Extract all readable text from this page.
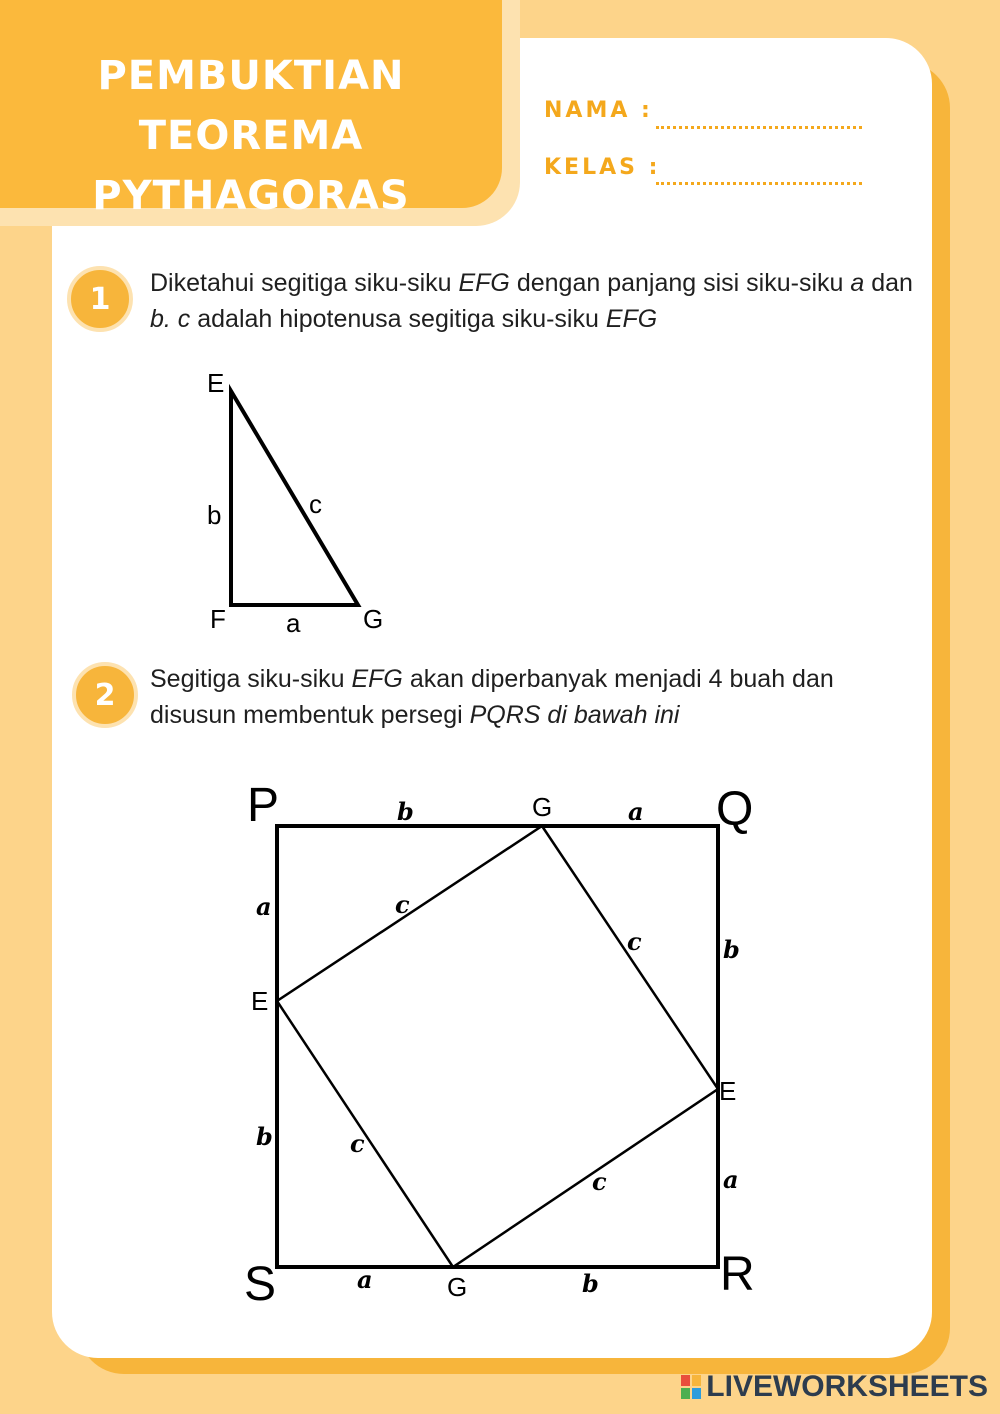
PEMBUKTIAN TEOREMA
PYTHAGORAS
NAMA :
KELAS :
1	Diketahui segitiga siku-siku EFG dengan panjang sisi siku-siku a dan b. c adalah hipotenusa segitiga siku-siku EFG

E
F	G
a
b	c
2	Segitiga siku-siku EFG akan diperbanyak menjadi 4 buah dan disusun membentuk persegi PQRS di bawah ini

P	Q
R
S
G
E
E
G
b	a
a
b
b
a
a	b
c
c
c
c
LIVEWORKSHEETS
